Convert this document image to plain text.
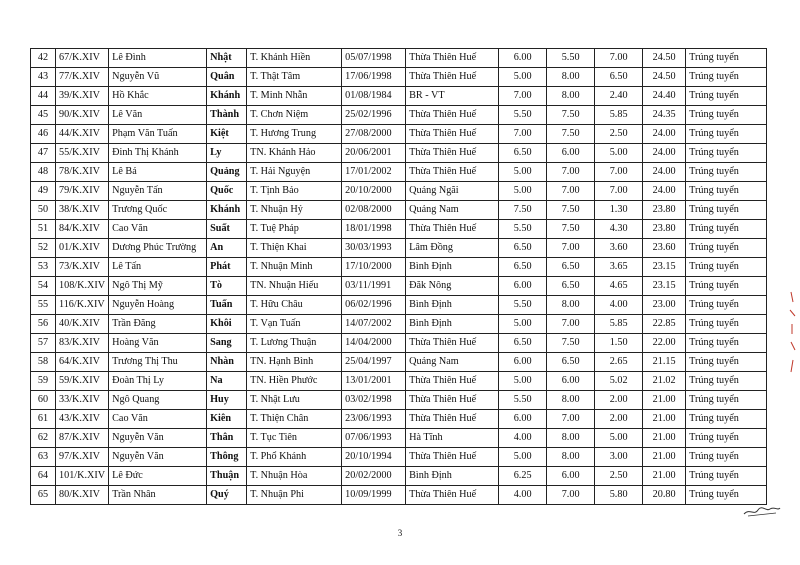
42	67/K.XIV	Lê Đình	Nhật	T. Khánh Hiền	05/07/1998	Thừa Thiên Huế	6.00	5.50	7.00	24.50	Trúng tuyển
43	77/K.XIV	Nguyễn Vũ	Quân	T. Thật Tâm	17/06/1998	Thừa Thiên Huế	5.00	8.00	6.50	24.50	Trúng tuyển
44	39/K.XIV	Hồ Khắc	Khánh	T. Minh Nhẫn	01/08/1984	BR - VT	7.00	8.00	2.40	24.40	Trúng tuyển
45	90/K.XIV	Lê Văn	Thành	T. Chơn Niệm	25/02/1996	Thừa Thiên Huế	5.50	7.50	5.85	24.35	Trúng tuyển
46	44/K.XIV	Phạm Văn Tuấn	Kiệt	T. Hương Trung	27/08/2000	Thừa Thiên Huế	7.00	7.50	2.50	24.00	Trúng tuyển
47	55/K.XIV	Đinh Thị Khánh	Ly	TN. Khánh Hảo	20/06/2001	Thừa Thiên Huế	6.50	6.00	5.00	24.00	Trúng tuyển
48	78/K.XIV	Lê Bá	Quảng	T. Hải Nguyện	17/01/2002	Thừa Thiên Huế	5.00	7.00	7.00	24.00	Trúng tuyển
49	79/K.XIV	Nguyễn Tấn	Quốc	T. Tịnh Bảo	20/10/2000	Quảng Ngãi	5.00	7.00	7.00	24.00	Trúng tuyển
50	38/K.XIV	Trương Quốc	Khánh	T. Nhuận Hỷ	02/08/2000	Quảng Nam	7.50	7.50	1.30	23.80	Trúng tuyển
51	84/K.XIV	Cao Văn	Suất	T. Tuệ Pháp	18/01/1998	Thừa Thiên Huế	5.50	7.50	4.30	23.80	Trúng tuyển
52	01/K.XIV	Dương Phúc Trường	An	T. Thiện Khai	30/03/1993	Lâm Đồng	6.50	7.00	3.60	23.60	Trúng tuyển
53	73/K.XIV	Lê Tấn	Phát	T. Nhuận Minh	17/10/2000	Bình Định	6.50	6.50	3.65	23.15	Trúng tuyển
54	108/K.XIV	Ngô Thị Mỹ	Tò	TN. Nhuận Hiếu	03/11/1991	Đăk Nông	6.00	6.50	4.65	23.15	Trúng tuyển
55	116/K.XIV	Nguyễn Hoàng	Tuấn	T. Hữu Châu	06/02/1996	Bình Định	5.50	8.00	4.00	23.00	Trúng tuyển
56	40/K.XIV	Trần Đăng	Khôi	T. Vạn Tuấn	14/07/2002	Bình Định	5.00	7.00	5.85	22.85	Trúng tuyển
57	83/K.XIV	Hoàng Văn	Sang	T. Lương Thuận	14/04/2000	Thừa Thiên Huế	6.50	7.50	1.50	22.00	Trúng tuyển
58	64/K.XIV	Trương Thị Thu	Nhàn	TN. Hạnh Bình	25/04/1997	Quảng Nam	6.00	6.50	2.65	21.15	Trúng tuyển
59	59/K.XIV	Đoàn Thị Ly	Na	TN. Hiền Phước	13/01/2001	Thừa Thiên Huế	5.00	6.00	5.02	21.02	Trúng tuyển
60	33/K.XIV	Ngô Quang	Huy	T. Nhật Lưu	03/02/1998	Thừa Thiên Huế	5.50	8.00	2.00	21.00	Trúng tuyển
61	43/K.XIV	Cao Văn	Kiên	T. Thiện Chân	23/06/1993	Thừa Thiên Huế	6.00	7.00	2.00	21.00	Trúng tuyển
62	87/K.XIV	Nguyễn Văn	Thân	T. Tục Tiên	07/06/1993	Hà Tĩnh	4.00	8.00	5.00	21.00	Trúng tuyển
63	97/K.XIV	Nguyễn Văn	Thông	T. Phổ Khánh	20/10/1994	Thừa Thiên Huế	5.00	8.00	3.00	21.00	Trúng tuyển
64	101/K.XIV	Lê Đức	Thuận	T. Nhuận Hòa	20/02/2000	Bình Định	6.25	6.00	2.50	21.00	Trúng tuyển
65	80/K.XIV	Trần Nhân	Quý	T. Nhuận Phi	10/09/1999	Thừa Thiên Huế	4.00	7.00	5.80	20.80	Trúng tuyển
3
